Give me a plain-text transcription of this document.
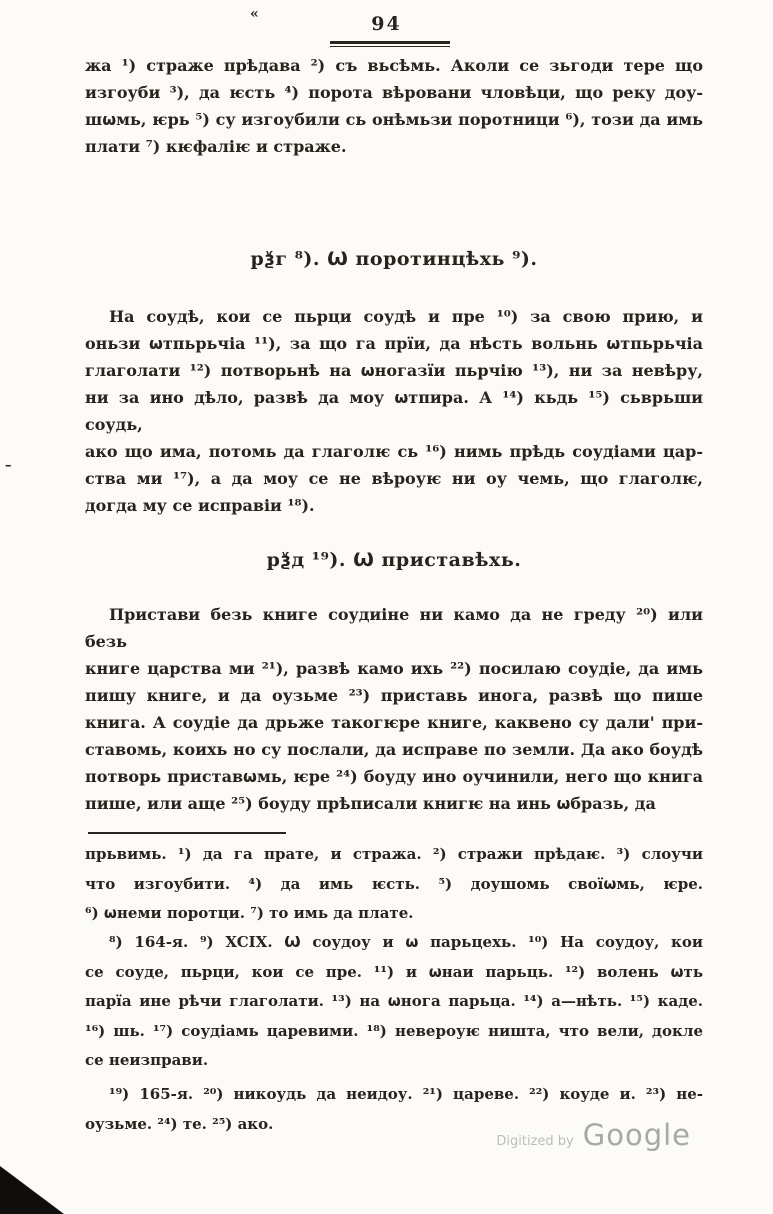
«	94
жа ¹) страже прѣдава ²) съ вьсѣмь. Аколи се зьгоди тере що
изгоуби ³), да ѥсть ⁴) порота вѣровани чловѣци, що реку доу-
шѡмь, ѥрь ⁵) су изгоубили сь онѣмьзи поротници ⁶), този да имь
плати ⁷) кѥфаліѥ и страже.
рѯг ⁸). Ѡ поротинцѣхь ⁹).
На соудѣ, кои се пьрци соудѣ и пре ¹⁰) за свою прию, и
оньзи ѡтпьрьчіа ¹¹), за що га прїи, да нѣсть вольнь ѡтпьрьчіа
глаголати ¹²) потворьнѣ на ѡногазїи пьрчію ¹³), ни за невѣру,
ни за ино дѣло, развѣ да моу ѡтпира. А ¹⁴) кьдь ¹⁵) сьврьши соудь,
ако що има, потомь да глаголѥ сь ¹⁶) нимь прѣдь соудіами цар-
ства ми ¹⁷), а да моу се не вѣроуѥ ни оу чемь, що глаголѥ,
догда му се исправіи ¹⁸).
рѯд ¹⁹). Ѡ приставѣхь.
Пристави безь книге соудиіне ни камо да не греду ²⁰) или безь
книге царства ми ²¹), развѣ камо ихь ²²) посилаю соудіе, да имь
пишу книге, и да оузьме ²³) приставь инога, развѣ що пише
книга. А соудіе да дрьже такогѥре книге, каквено су дали' при-
ставомь, коихь но су послали, да исправе по земли. Да ако боудѣ
потворь приставѡмь, ѥре ²⁴) боуду ино оучинили, него що книга
пише, или аще ²⁵) боуду прѣписали книгѥ на инь ѡбразь, да
–
прьвимь. ¹) да га прате, и стража. ²) стражи прѣдаѥ. ³) слоучи
что изгоубити. ⁴) да имь ѥсть. ⁵) доушомь своїѡмь, ѥре.
⁶) ѡнеми поротци. ⁷) то имь да плате.
⁸) 164-я. ⁹) XCIX. Ѡ соудоу и ѡ парьцехь. ¹⁰) На соудоу, кои
се соуде, пьрци, кои се пре. ¹¹) и ѡнаи парьць. ¹²) волень ѡть
парїа ине рѣчи глаголати. ¹³) на ѡнога парьца. ¹⁴) а—нѣть. ¹⁵) каде.
¹⁶) шь. ¹⁷) соудіамь царевими. ¹⁸) невероуѥ ништа, что вели, докле
се неизправи.
¹⁹) 165-я. ²⁰) никоудь да неидоу. ²¹) цареве. ²²) коуде и. ²³) не-
оузьме. ²⁴) те. ²⁵) ако.
Digitized by Google
